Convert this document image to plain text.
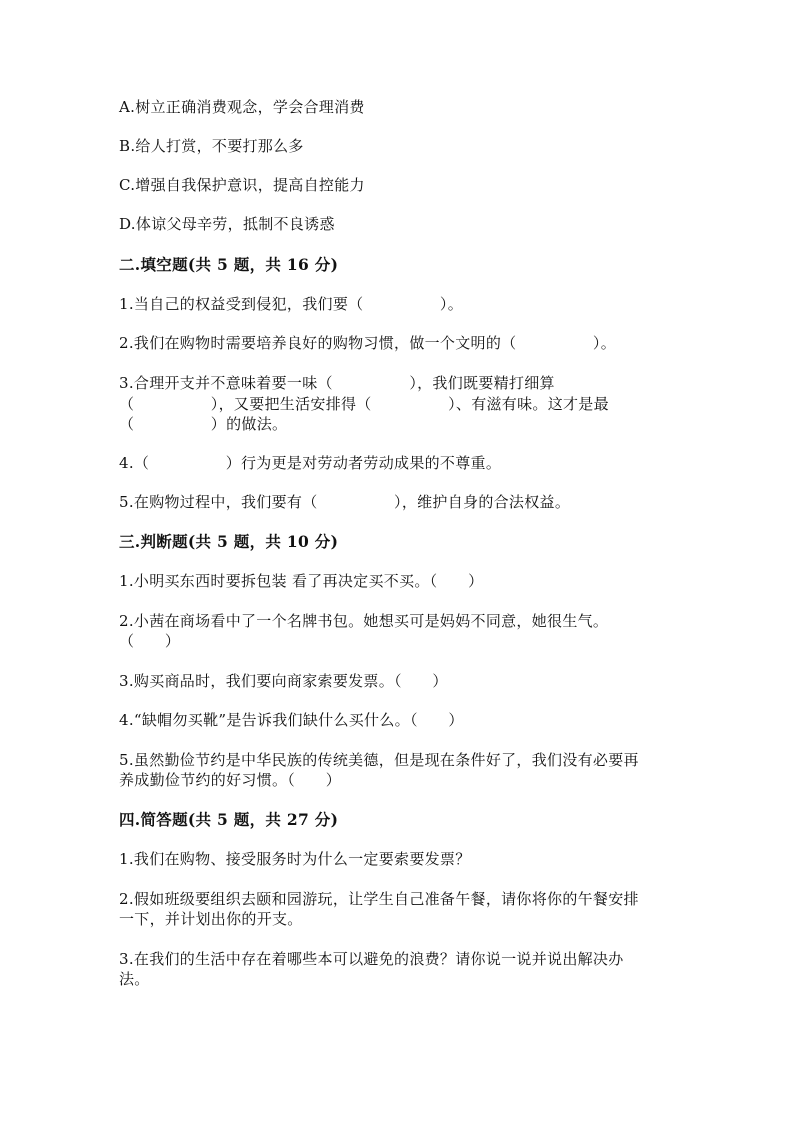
A.树立正确消费观念，学会合理消费
B.给人打赏，不要打那么多
C.增强自我保护意识，提高自控能力
D.体谅父母辛劳，抵制不良诱惑
二.填空题(共 5 题，共 16 分)
1.当自己的权益受到侵犯，我们要（　　　　　）。
2.我们在购物时需要培养良好的购物习惯，做一个文明的（　　　　　）。
3.合理开支并不意味着要一味（　　　　　），我们既要精打细算
（　　　　　），又要把生活安排得（　　　　　）、有滋有味。这才是最
（　　　　　）的做法。
4.（　　　　　）行为更是对劳动者劳动成果的不尊重。
5.在购物过程中，我们要有（　　　　　），维护自身的合法权益。
三.判断题(共 5 题，共 10 分)
1.小明买东西时要拆包装 看了再决定买不买。（　　）
2.小茜在商场看中了一个名牌书包。她想买可是妈妈不同意，她很生气。
（　　）
3.购买商品时，我们要向商家索要发票。（　　）
4.“缺帽勿买靴”是告诉我们缺什么买什么。（　　）
5.虽然勤俭节约是中华民族的传统美德，但是现在条件好了，我们没有必要再
养成勤俭节约的好习惯。（　　）
四.简答题(共 5 题，共 27 分)
1.我们在购物、接受服务时为什么一定要索要发票？
2.假如班级要组织去颐和园游玩，让学生自己准备午餐，请你将你的午餐安排
一下，并计划出你的开支。
3.在我们的生活中存在着哪些本可以避免的浪费？请你说一说并说出解决办
法。
